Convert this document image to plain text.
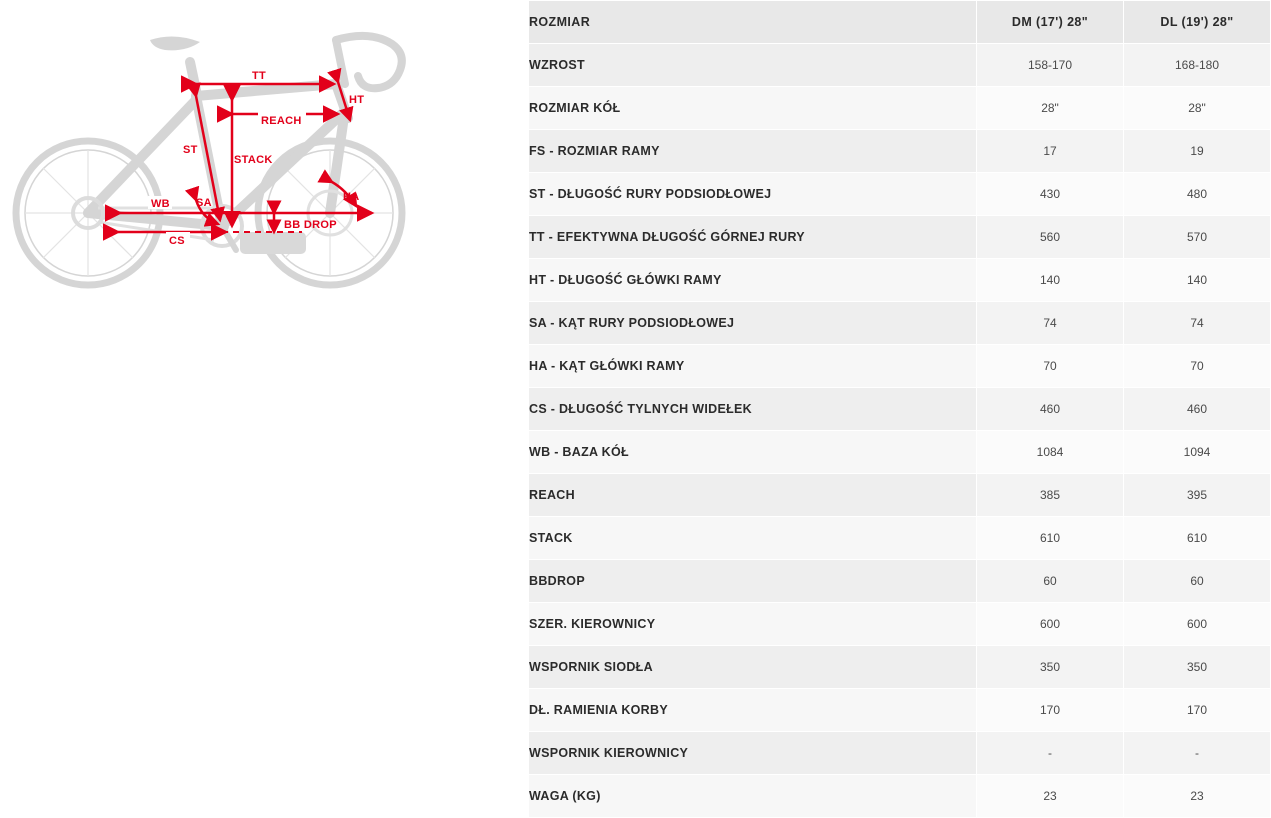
TT
HT
REACH
ST
STACK
WB SA	HA
BB DROP
CS
ROZMIAR	DM (17') 28"	DL (19') 28"
WZROST	158-170	168-180
ROZMIAR KÓŁ	28"	28"
FS - ROZMIAR RAMY	17	19
ST - DŁUGOŚĆ RURY PODSIODŁOWEJ	430	480
TT - EFEKTYWNA DŁUGOŚĆ GÓRNEJ RURY	560	570
HT - DŁUGOŚĆ GŁÓWKI RAMY	140	140
SA - KĄT RURY PODSIODŁOWEJ	74	74
HA - KĄT GŁÓWKI RAMY	70	70
CS - DŁUGOŚĆ TYLNYCH WIDEŁEK	460	460
WB - BAZA KÓŁ	1084	1094
REACH	385	395
STACK	610	610
BBDROP	60	60
SZER. KIEROWNICY	600	600
WSPORNIK SIODŁA	350	350
DŁ. RAMIENIA KORBY	170	170
WSPORNIK KIEROWNICY	-	-
WAGA (KG)	23	23
